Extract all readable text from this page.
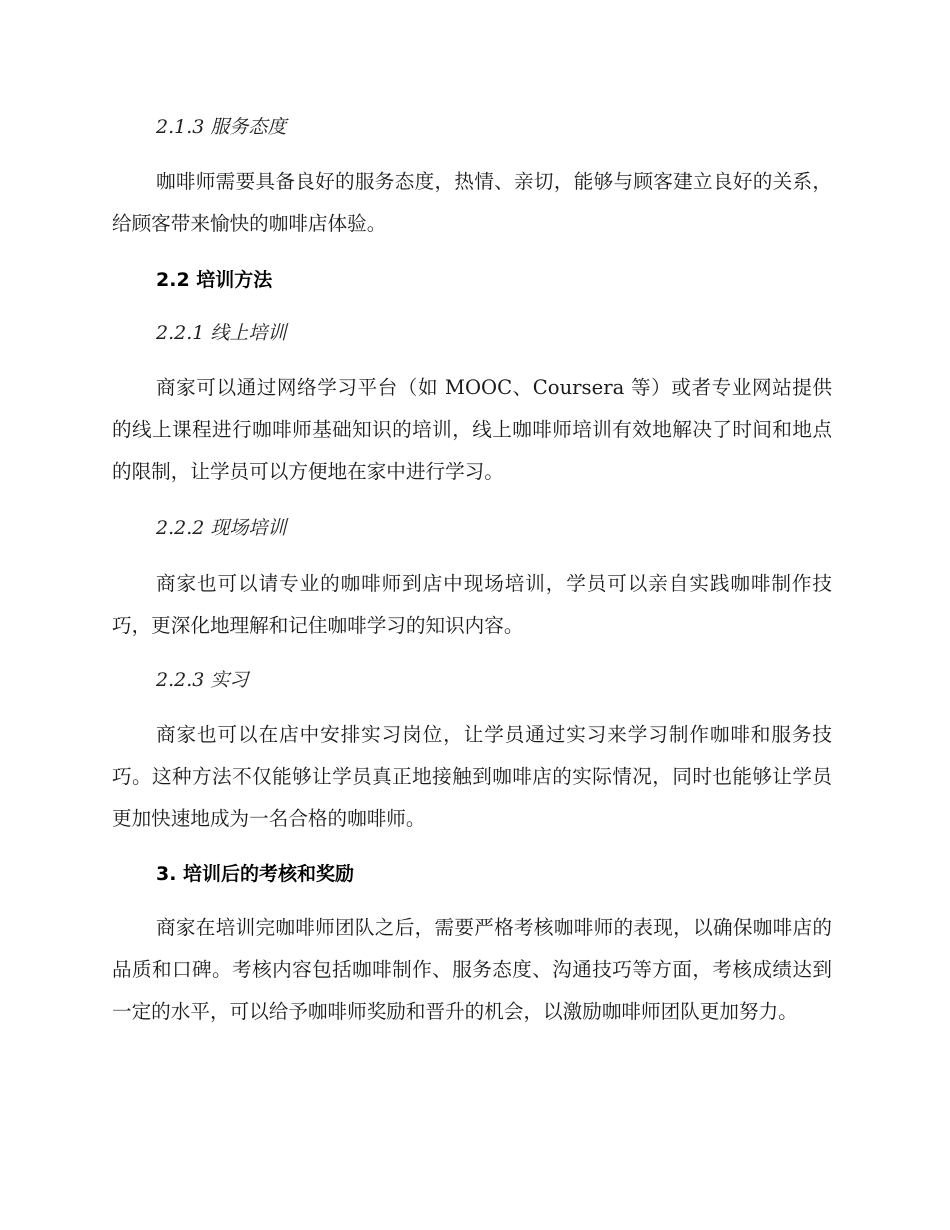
2.1.3 服务态度

咖啡师需要具备良好的服务态度，热情、亲切，能够与顾客建立良好的关系，给顾客带来愉快的咖啡店体验。

2.2 培训方法

2.2.1 线上培训

商家可以通过网络学习平台（如 MOOC、Coursera 等）或者专业网站提供的线上课程进行咖啡师基础知识的培训，线上咖啡师培训有效地解决了时间和地点的限制，让学员可以方便地在家中进行学习。

2.2.2 现场培训

商家也可以请专业的咖啡师到店中现场培训，学员可以亲自实践咖啡制作技巧，更深化地理解和记住咖啡学习的知识内容。

2.2.3 实习

商家也可以在店中安排实习岗位，让学员通过实习来学习制作咖啡和服务技巧。这种方法不仅能够让学员真正地接触到咖啡店的实际情况，同时也能够让学员更加快速地成为一名合格的咖啡师。

3. 培训后的考核和奖励

商家在培训完咖啡师团队之后，需要严格考核咖啡师的表现，以确保咖啡店的品质和口碑。考核内容包括咖啡制作、服务态度、沟通技巧等方面，考核成绩达到一定的水平，可以给予咖啡师奖励和晋升的机会，以激励咖啡师团队更加努力。
